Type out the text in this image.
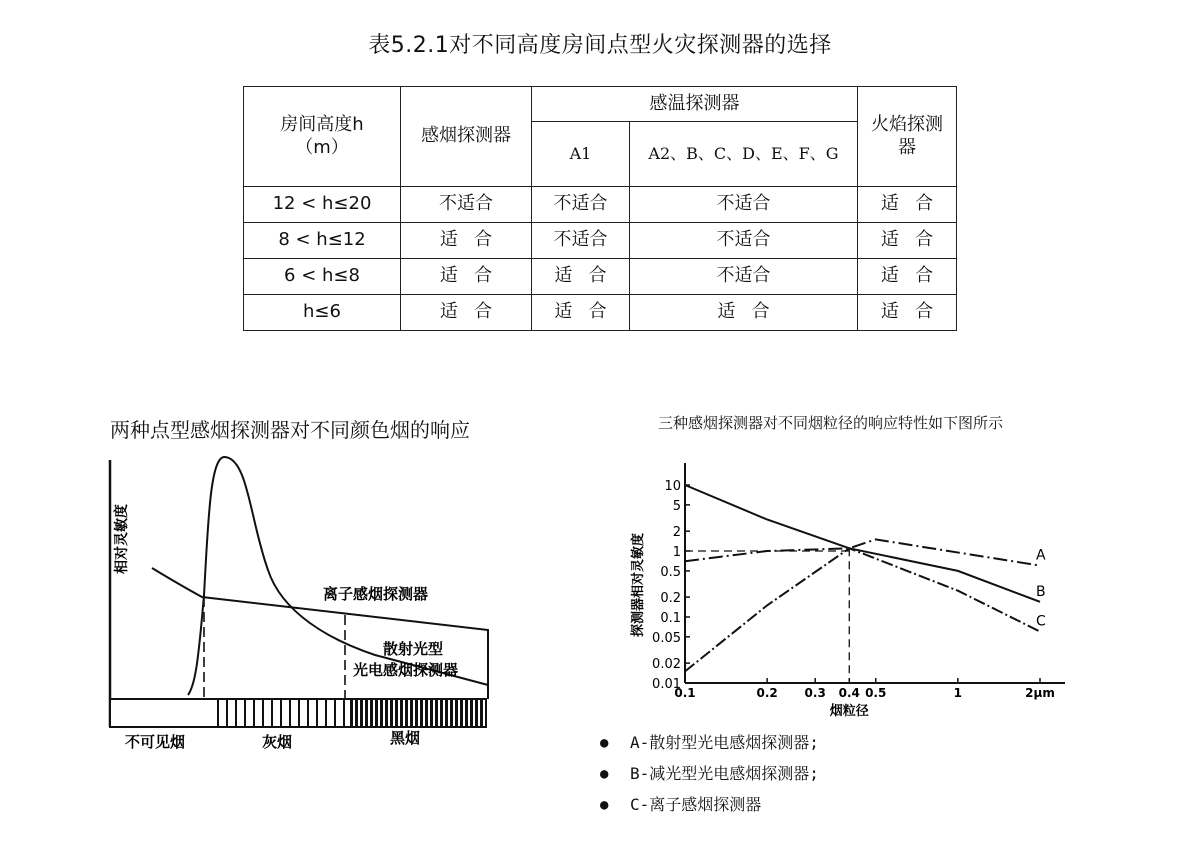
表5.2.1对不同高度房间点型火灾探测器的选择
房间高度h（m）	感烟探测器	感温探测器		火焰探测器

		A1	A2、B、C、D、E、F、G	

12 < h≤20	不适合	不适合	不适合	适合
8 < h≤12	适合	不适合	不适合	适合
6 < h≤8	适合	适合	不适合	适合
h≤6	适合	适合	适合	适合
两种点型感烟探测器对不同颜色烟的响应	三种感烟探测器对不同烟粒径的响应特性如下图所示
相对灵敏度
离子感烟探测器
散射光型
光电感烟探测器
不可见烟	灰烟	黑烟
10
5
2
1
0.5
0.2
0.1
0.05
0.02
0.01
0.1	0.2 0.3 0.4 0.5	1	2μm
A
B
C
探测器相对灵敏度
烟粒径
● A-散射型光电感烟探测器;
● B-减光型光电感烟探测器;
● C-离子感烟探测器
